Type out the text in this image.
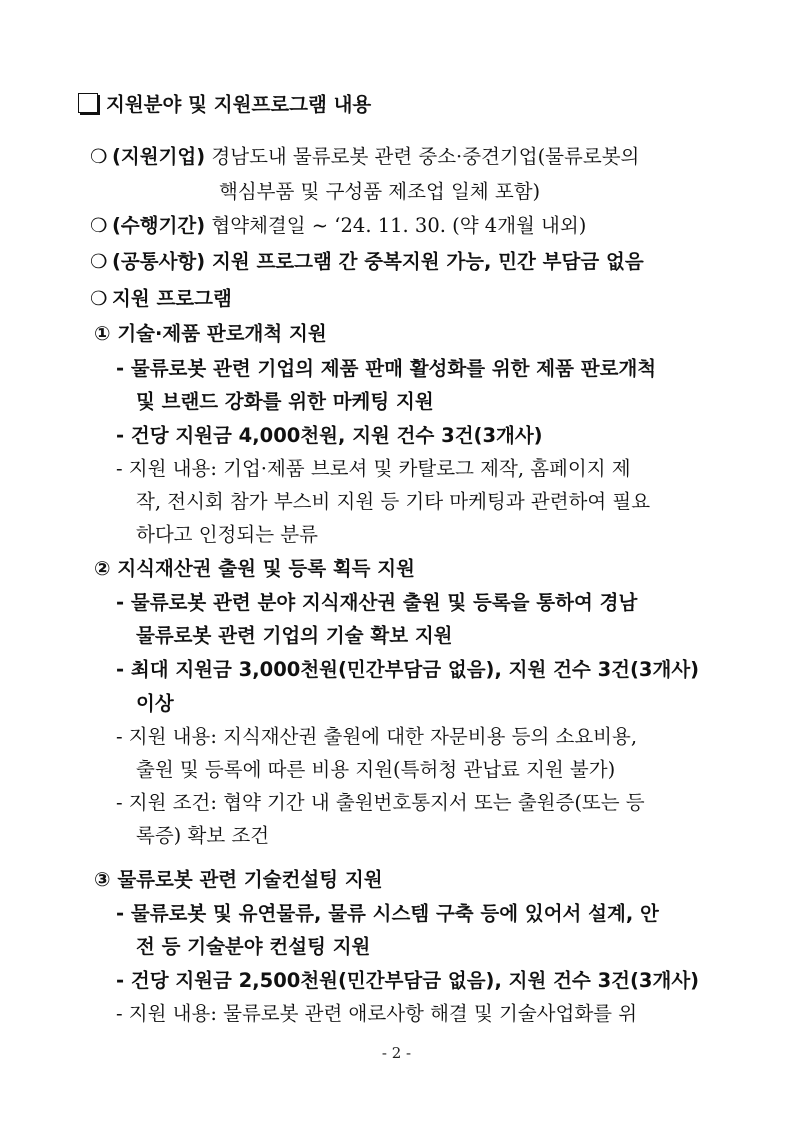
지원분야 및 지원프로그램 내용
❍ (지원기업) 경남도내 물류로봇 관련 중소·중견기업(물류로봇의
핵심부품 및 구성품 제조업 일체 포함)
❍ (수행기간) 협약체결일 ~ ‘24. 11. 30. (약 4개월 내외)
❍ (공통사항) 지원 프로그램 간 중복지원 가능, 민간 부담금 없음
❍ 지원 프로그램
① 기술·제품 판로개척 지원
- 물류로봇 관련 기업의 제품 판매 활성화를 위한 제품 판로개척
및 브랜드 강화를 위한 마케팅 지원
- 건당 지원금 4,000천원, 지원 건수 3건(3개사)
- 지원 내용: 기업·제품 브로셔 및 카탈로그 제작, 홈페이지 제
작, 전시회 참가 부스비 지원 등 기타 마케팅과 관련하여 필요
하다고 인정되는 분류
② 지식재산권 출원 및 등록 획득 지원
- 물류로봇 관련 분야 지식재산권 출원 및 등록을 통하여 경남
물류로봇 관련 기업의 기술 확보 지원
- 최대 지원금 3,000천원(민간부담금 없음), 지원 건수 3건(3개사)
이상
- 지원 내용: 지식재산권 출원에 대한 자문비용 등의 소요비용,
출원 및 등록에 따른 비용 지원(특허청 관납료 지원 불가)
- 지원 조건: 협약 기간 내 출원번호통지서 또는 출원증(또는 등
록증) 확보 조건
③ 물류로봇 관련 기술컨설팅 지원
- 물류로봇 및 유연물류, 물류 시스템 구축 등에 있어서 설계, 안
전 등 기술분야 컨설팅 지원
- 건당 지원금 2,500천원(민간부담금 없음), 지원 건수 3건(3개사)
- 지원 내용: 물류로봇 관련 애로사항 해결 및 기술사업화를 위
- 2 -
